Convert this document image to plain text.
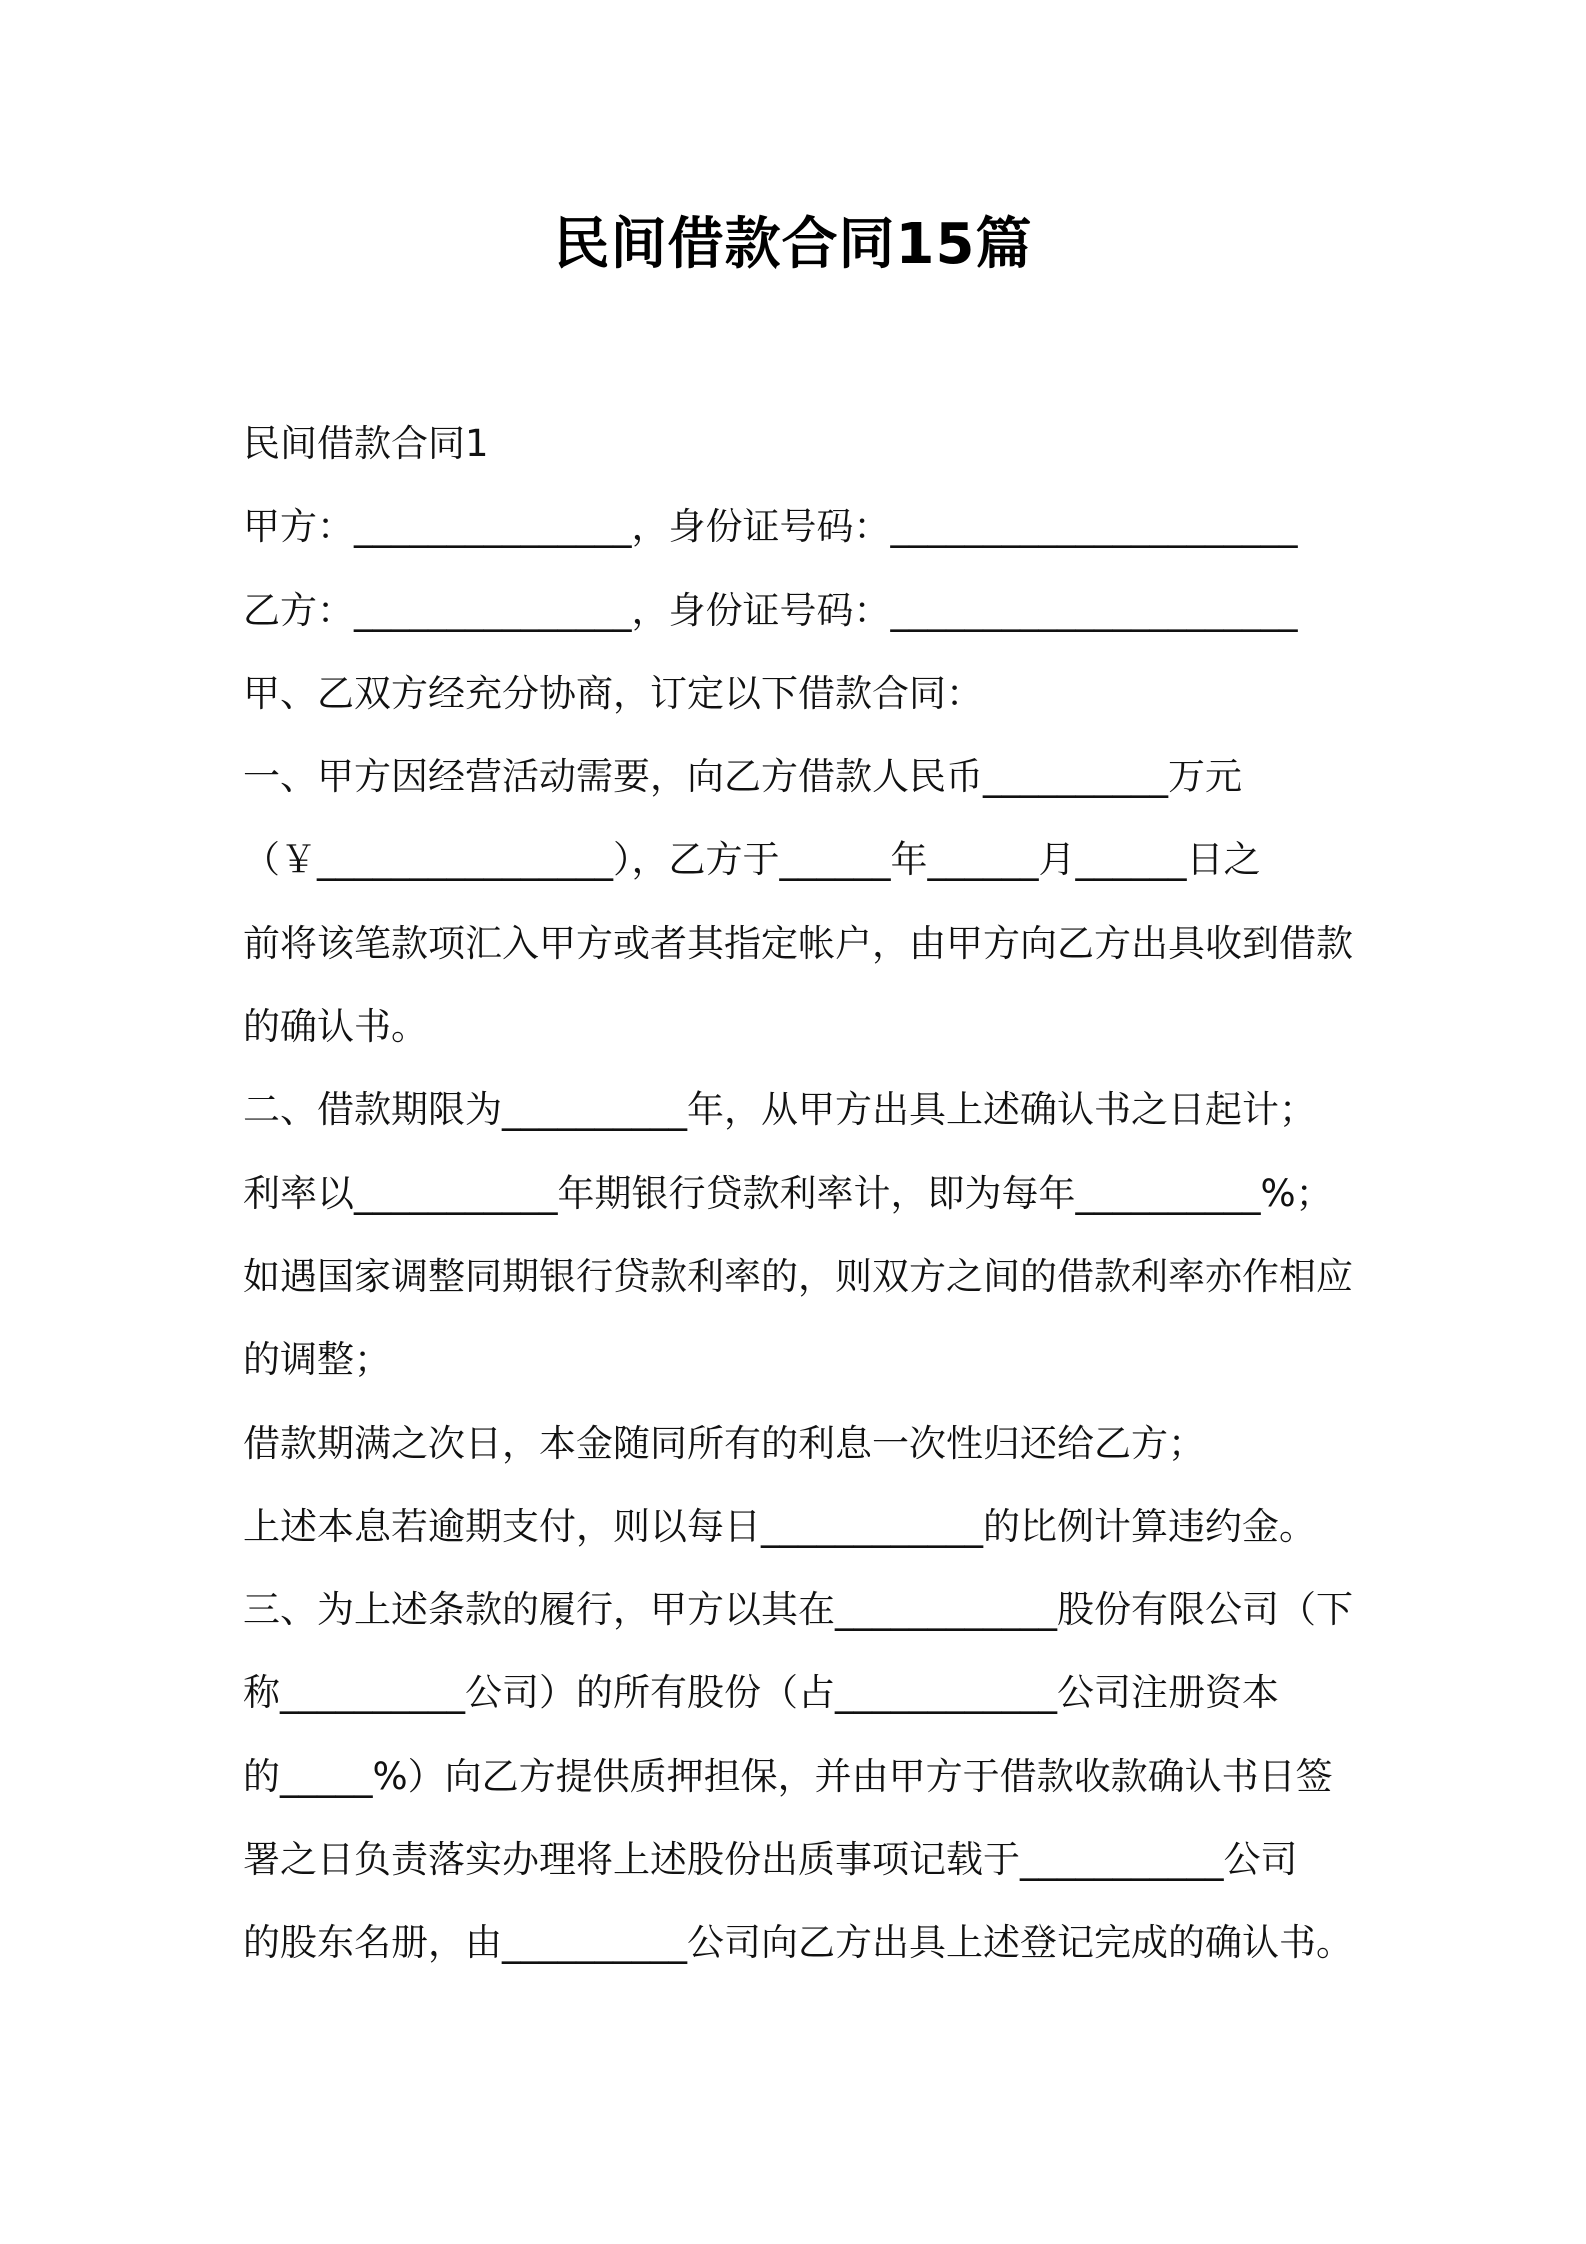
民间借款合同15篇
民间借款合同1
甲方：_______________，身份证号码：______________________
乙方：_______________，身份证号码：______________________
甲、乙双方经充分协商，订定以下借款合同：
一、甲方因经营活动需要，向乙方借款人民币__________万元
（￥________________），乙方于______年______月______日之
前将该笔款项汇入甲方或者其指定帐户，由甲方向乙方出具收到借款
的确认书。
二、借款期限为__________年，从甲方出具上述确认书之日起计；
利率以___________年期银行贷款利率计，即为每年__________%；
如遇国家调整同期银行贷款利率的，则双方之间的借款利率亦作相应
的调整；
借款期满之次日，本金随同所有的利息一次性归还给乙方；
上述本息若逾期支付，则以每日____________的比例计算违约金。
三、为上述条款的履行，甲方以其在____________股份有限公司（下
称__________公司）的所有股份（占____________公司注册资本
的_____%）向乙方提供质押担保，并由甲方于借款收款确认书日签
署之日负责落实办理将上述股份出质事项记载于___________公司
的股东名册，由__________公司向乙方出具上述登记完成的确认书。
